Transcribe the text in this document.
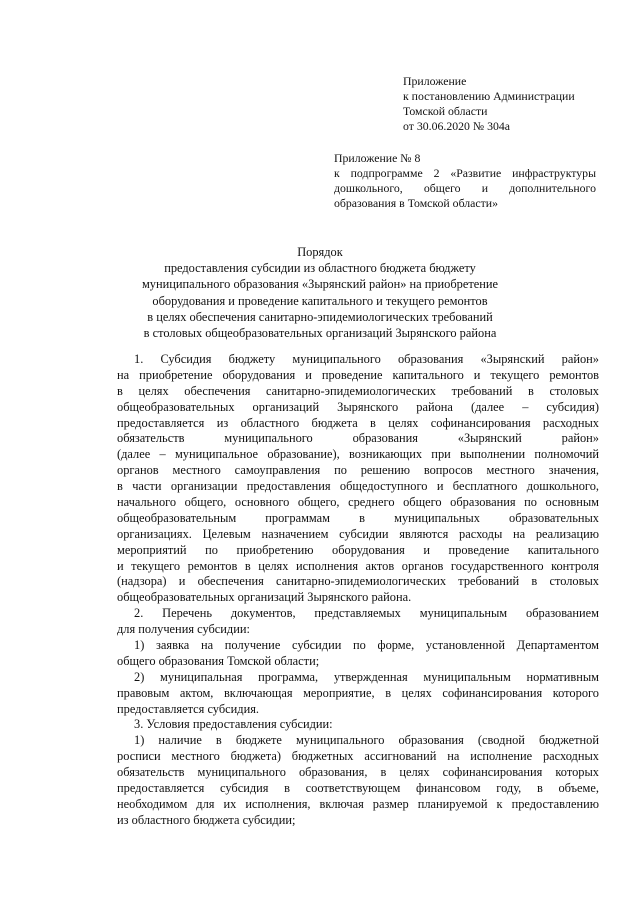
Приложение
к постановлению Администрации
Томской области
от 30.06.2020 № 304а
Приложение № 8
к подпрограмме 2 «Развитие инфраструктуры
дошкольного, общего и дополнительного
образования в Томской области»
Порядок
предоставления субсидии из областного бюджета бюджету
муниципального образования «Зырянский район» на приобретение
оборудования и проведение капитального и текущего ремонтов
в целях обеспечения санитарно-эпидемиологических требований
в столовых общеобразовательных организаций Зырянского района
1. Субсидия бюджету муниципального образования «Зырянский район»
на приобретение оборудования и проведение капитального и текущего ремонтов
в целях обеспечения санитарно-эпидемиологических требований в столовых
общеобразовательных организаций Зырянского района (далее – субсидия)
предоставляется из областного бюджета в целях софинансирования расходных
обязательств муниципального образования «Зырянский район»
(далее – муниципальное образование), возникающих при выполнении полномочий
органов местного самоуправления по решению вопросов местного значения,
в части организации предоставления общедоступного и бесплатного дошкольного,
начального общего, основного общего, среднего общего образования по основным
общеобразовательным программам в муниципальных образовательных
организациях. Целевым назначением субсидии являются расходы на реализацию
мероприятий по приобретению оборудования и проведение капитального
и текущего ремонтов в целях исполнения актов органов государственного контроля
(надзора) и обеспечения санитарно-эпидемиологических требований в столовых
общеобразовательных организаций Зырянского района.
2. Перечень документов, представляемых муниципальным образованием
для получения субсидии:
1) заявка на получение субсидии по форме, установленной Департаментом
общего образования Томской области;
2) муниципальная программа, утвержденная муниципальным нормативным
правовым актом, включающая мероприятие, в целях софинансирования которого
предоставляется субсидия.
3. Условия предоставления субсидии:
1) наличие в бюджете муниципального образования (сводной бюджетной
росписи местного бюджета) бюджетных ассигнований на исполнение расходных
обязательств муниципального образования, в целях софинансирования которых
предоставляется субсидия в соответствующем финансовом году, в объеме,
необходимом для их исполнения, включая размер планируемой к предоставлению
из областного бюджета субсидии;
